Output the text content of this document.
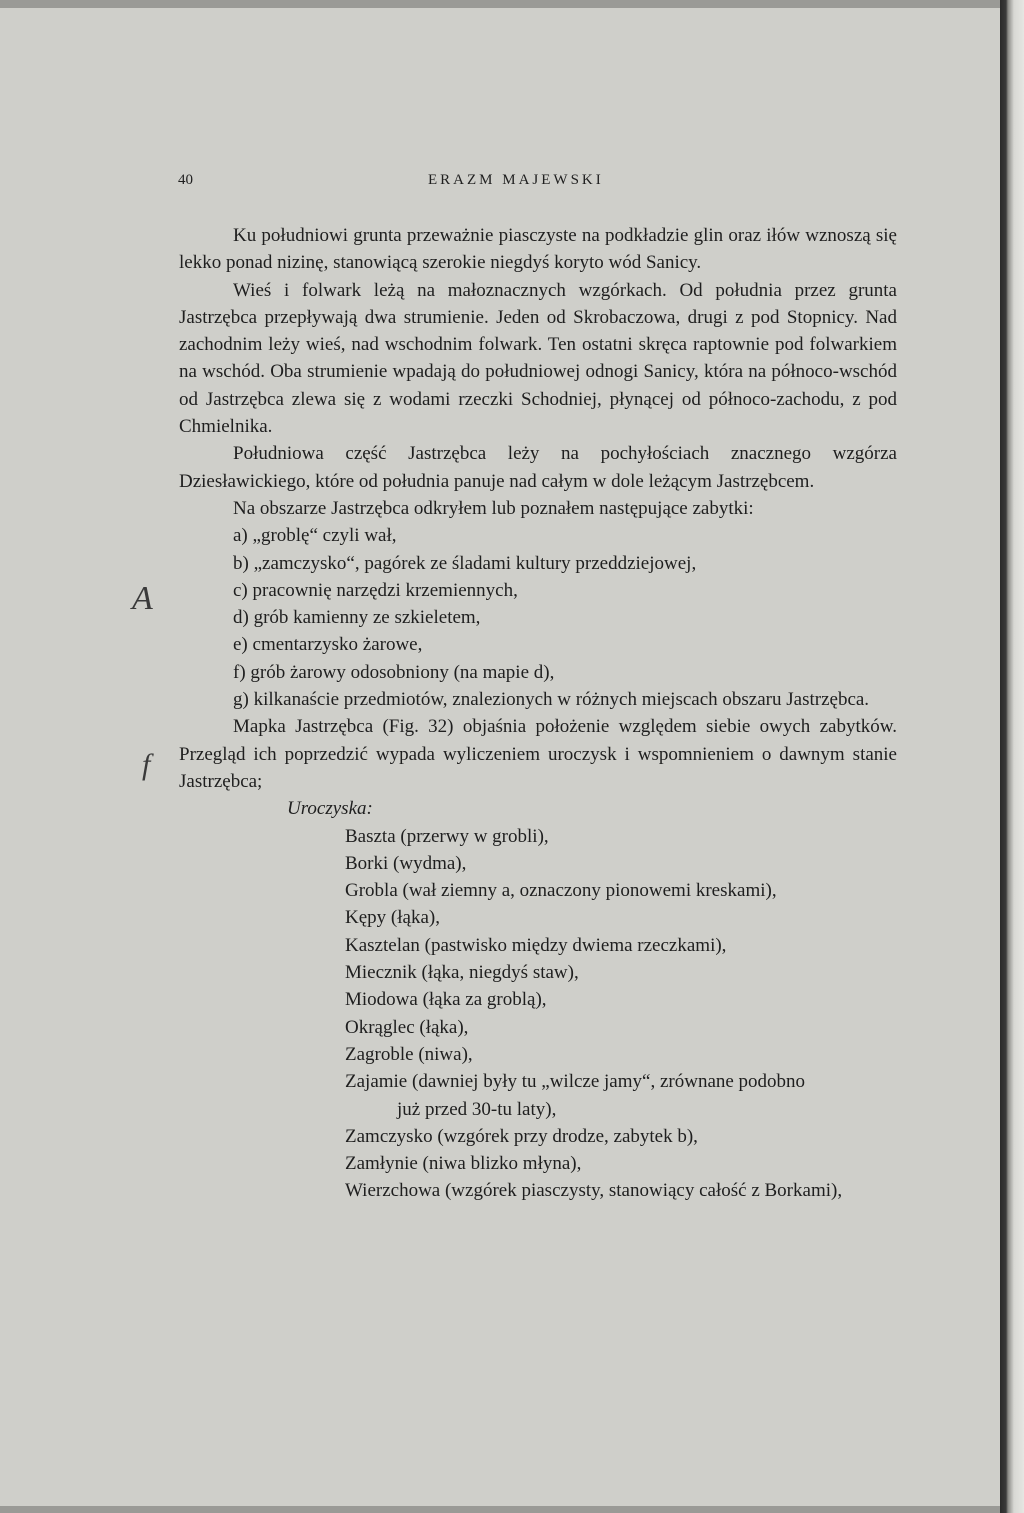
40	ERAZM MAJEWSKI
A
f

Ku południowi grunta przeważnie piasczyste na podkładzie glin oraz iłów wznoszą się lekko ponad nizinę, stanowiącą szerokie niegdyś koryto wód Sanicy.

Wieś i folwark leżą na małoznacznych wzgórkach. Od południa przez grunta Jastrzębca przepływają dwa strumienie. Jeden od Skrobaczowa, drugi z pod Stopnicy. Nad zachodnim leży wieś, nad wschodnim folwark. Ten ostatni skręca raptownie pod folwarkiem na wschód. Oba strumienie wpadają do południowej odnogi Sanicy, która na północo-wschód od Jastrzębca zlewa się z wodami rzeczki Schodniej, płynącej od północo-zachodu, z pod Chmielnika.

Południowa część Jastrzębca leży na pochyłościach znacznego wzgórza Dziesławickiego, które od południa panuje nad całym w dole leżącym Jastrzębcem.

Na obszarze Jastrzębca odkryłem lub poznałem następujące zabytki:

a) „groblę“ czyli wał,

b) „zamczysko“, pagórek ze śladami kultury przeddziejowej,

c) pracownię narzędzi krzemiennych,

d) grób kamienny ze szkieletem,

e) cmentarzysko żarowe,

f) grób żarowy odosobniony (na mapie d),

g) kilkanaście przedmiotów, znalezionych w różnych miejscach obszaru Jastrzębca.

Mapka Jastrzębca (Fig. 32) objaśnia położenie względem siebie owych zabytków. Przegląd ich poprzedzić wypada wyliczeniem uroczysk i wspomnieniem o dawnym stanie Jastrzębca;

Uroczyska:

Baszta (przerwy w grobli),

Borki (wydma),

Grobla (wał ziemny a, oznaczony pionowemi kreskami),

Kępy (łąka),

Kasztelan (pastwisko między dwiema rzeczkami),

Miecznik (łąka, niegdyś staw),

Miodowa (łąka za groblą),

Okrąglec (łąka),

Zagroble (niwa),

Zajamie (dawniej były tu „wilcze jamy“, zrównane podobno

już przed 30-tu laty),

Zamczysko (wzgórek przy drodze, zabytek b),

Zamłynie (niwa blizko młyna),

Wierzchowa (wzgórek piasczysty, stanowiący całość z Borkami),
